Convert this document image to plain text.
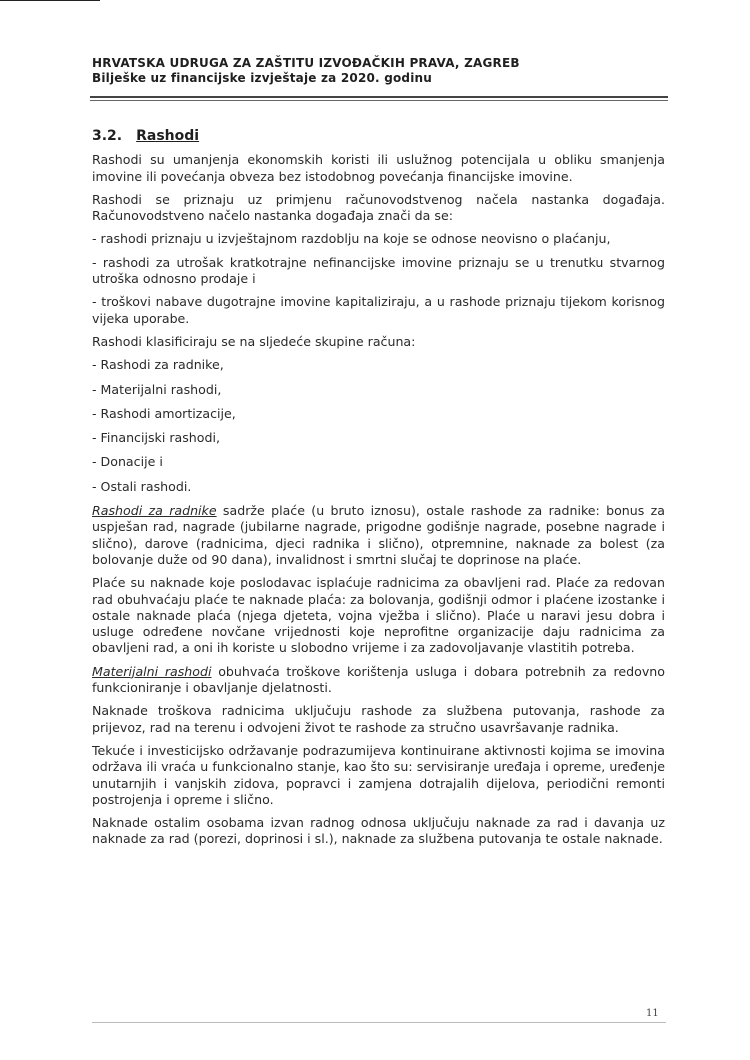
HRVATSKA UDRUGA ZA ZAŠTITU IZVOĐAČKIH PRAVA, ZAGREB
Bilješke uz financijske izvještaje za 2020. godinu
3.2. Rashodi

Rashodi su umanjenja ekonomskih koristi ili uslužnog potencijala u obliku smanjenja imovine ili povećanja obveza bez istodobnog povećanja financijske imovine.

Rashodi se priznaju uz primjenu računovodstvenog načela nastanka događaja. Računovodstveno načelo nastanka događaja znači da se:

- rashodi priznaju u izvještajnom razdoblju na koje se odnose neovisno o plaćanju,

- rashodi za utrošak kratkotrajne nefinancijske imovine priznaju se u trenutku stvarnog utroška odnosno prodaje i

- troškovi nabave dugotrajne imovine kapitaliziraju, a u rashode priznaju tijekom korisnog vijeka uporabe.

Rashodi klasificiraju se na sljedeće skupine računa:

- Rashodi za radnike,
- Materijalni rashodi,
- Rashodi amortizacije,
- Financijski rashodi,
- Donacije i
- Ostali rashodi.

Rashodi za radnike sadrže plaće (u bruto iznosu), ostale rashode za radnike: bonus za uspješan rad, nagrade (jubilarne nagrade, prigodne godišnje nagrade, posebne nagrade i slično), darove (radnicima, djeci radnika i slično), otpremnine, naknade za bolest (za bolovanje duže od 90 dana), invalidnost i smrtni slučaj te doprinose na plaće.

Plaće su naknade koje poslodavac isplaćuje radnicima za obavljeni rad. Plaće za redovan rad obuhvaćaju plaće te naknade plaća: za bolovanja, godišnji odmor i plaćene izostanke i ostale naknade plaća (njega djeteta, vojna vježba i slično). Plaće u naravi jesu dobra i usluge određene novčane vrijednosti koje neprofitne organizacije daju radnicima za obavljeni rad, a oni ih koriste u slobodno vrijeme i za zadovoljavanje vlastitih potreba.

Materijalni rashodi obuhvaća troškove korištenja usluga i dobara potrebnih za redovno funkcioniranje i obavljanje djelatnosti.

Naknade troškova radnicima uključuju rashode za službena putovanja, rashode za prijevoz, rad na terenu i odvojeni život te rashode za stručno usavršavanje radnika.

Tekuće i investicijsko održavanje podrazumijeva kontinuirane aktivnosti kojima se imovina održava ili vraća u funkcionalno stanje, kao što su: servisiranje uređaja i opreme, uređenje unutarnjih i vanjskih zidova, popravci i zamjena dotrajalih dijelova, periodični remonti postrojenja i opreme i slično.

Naknade ostalim osobama izvan radnog odnosa uključuju naknade za rad i davanja uz naknade za rad (porezi, doprinosi i sl.), naknade za službena putovanja te ostale naknade.

11
